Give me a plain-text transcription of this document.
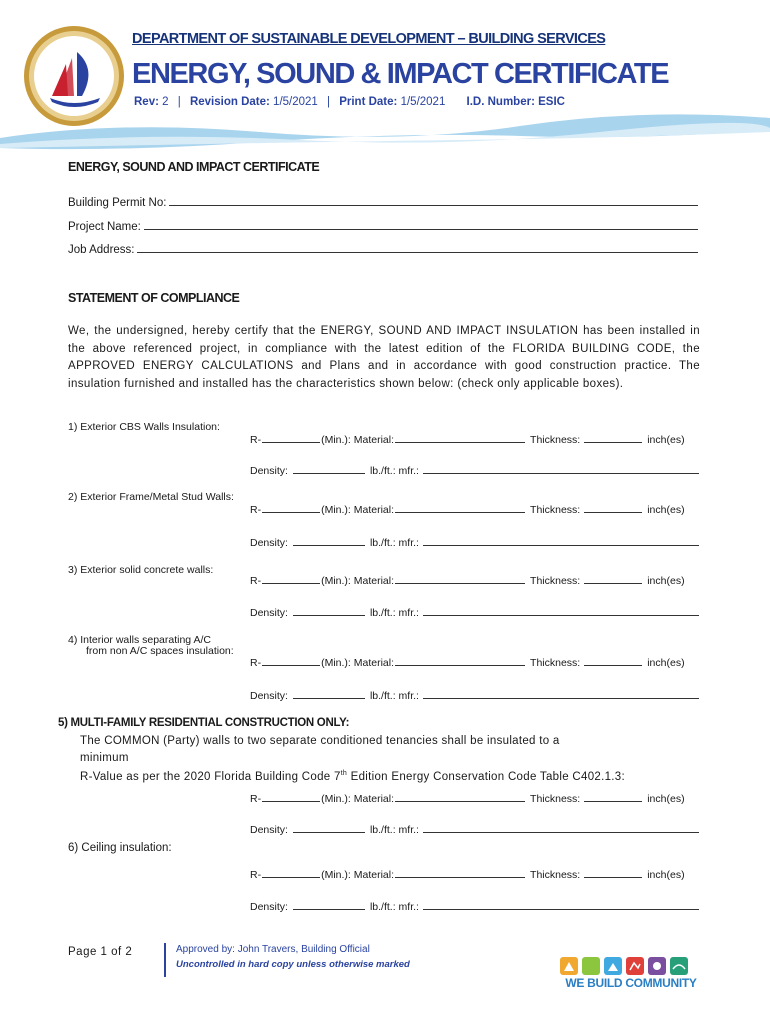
DEPARTMENT OF SUSTAINABLE DEVELOPMENT – BUILDING SERVICES
ENERGY, SOUND & IMPACT CERTIFICATE
Rev: 2 | Revision Date: 1/5/2021 | Print Date: 1/5/2021 I.D. Number: ESIC
ENERGY, SOUND AND IMPACT CERTIFICATE
Building Permit No:
Project Name:
Job Address:
STATEMENT OF COMPLIANCE
We, the undersigned, hereby certify that the ENERGY, SOUND AND IMPACT INSULATION has been installed in the above referenced project, in compliance with the latest edition of the FLORIDA BUILDING CODE, the APPROVED ENERGY CALCULATIONS and Plans and in accordance with good construction practice. The insulation furnished and installed has the characteristics shown below: (check only applicable boxes).
1) Exterior CBS Walls Insulation:
R-	(Min.): Material:	Thickness:	inch(es)
Density:	lb./ft.: mfr.:
2) Exterior Frame/Metal Stud Walls:
R-	(Min.): Material:	Thickness:	inch(es)
Density:	lb./ft.: mfr.:
3) Exterior solid concrete walls:
R-	(Min.): Material:	Thickness:	inch(es)
Density:	lb./ft.: mfr.:
4) Interior walls separating A/C
from non A/C spaces insulation:
R-	(Min.): Material:	Thickness:	inch(es)
Density:	lb./ft.: mfr.:
5) MULTI-FAMILY RESIDENTIAL CONSTRUCTION ONLY:
The COMMON (Party) walls to two separate conditioned tenancies shall be insulated to a
minimum
R-Value as per the 2020 Florida Building Code 7th Edition Energy Conservation Code Table C402.1.3:
R-	(Min.): Material:	Thickness:	inch(es)
Density:	lb./ft.: mfr.:
6) Ceiling insulation:
R-	(Min.): Material:	Thickness:	inch(es)
Density:	lb./ft.: mfr.:
Page 1 of 2	Approved by: John Travers, Building Official
Uncontrolled in hard copy unless otherwise marked
WE BUILD COMMUNITY
